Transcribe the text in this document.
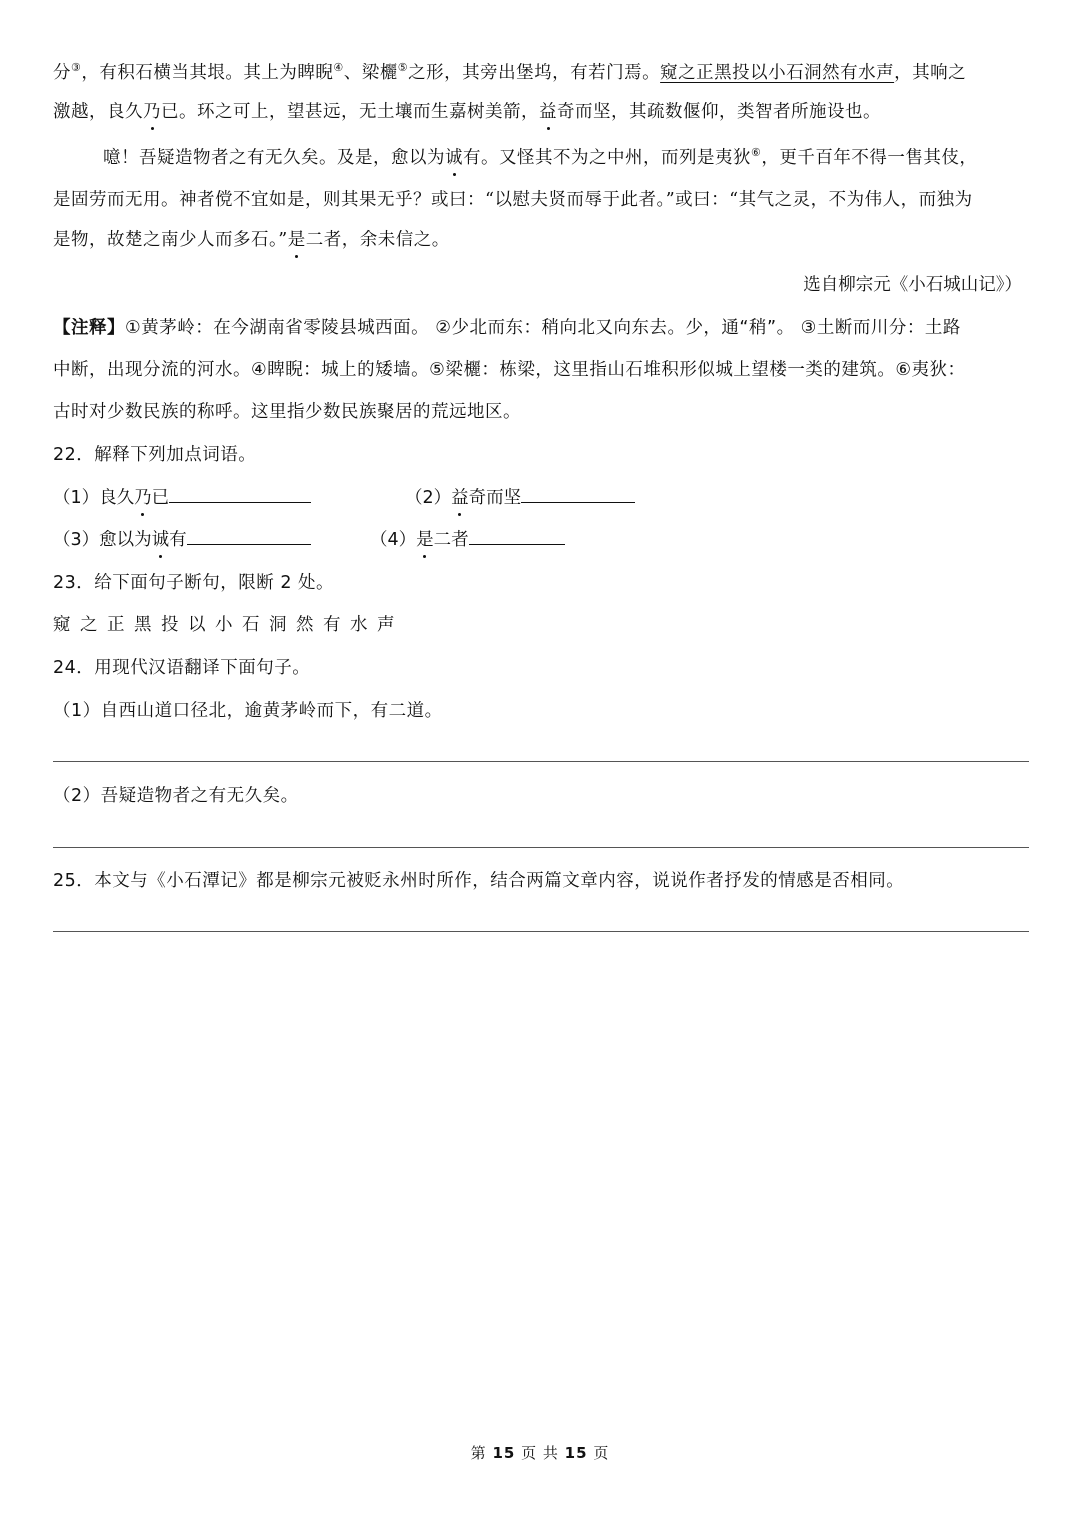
分③，有积石横当其垠。其上为睥睨④、梁欐⑤之形，其旁出堡坞，有若门焉。窥之正黑投以小石洞然有水声，其响之
激越，良久乃已。环之可上，望甚远，无土壤而生嘉树美箭，益奇而坚，其疏数偃仰，类智者所施设也。
噫！吾疑造物者之有无久矣。及是，愈以为诚有。又怪其不为之中州，而列是夷狄⑥，更千百年不得一售其伎，
是固劳而无用。神者傥不宜如是，则其果无乎？或曰：“以慰夫贤而辱于此者。”或曰：“其气之灵，不为伟人，而独为
是物，故楚之南少人而多石。”是二者，余未信之。
选自柳宗元《小石城山记》）
【注释】①黄茅岭：在今湖南省零陵县城西面。 ②少北而东：稍向北又向东去。少，通“稍”。 ③土断而川分：土路
中断，出现分流的河水。④睥睨：城上的矮墙。⑤梁欐：栋梁，这里指山石堆积形似城上望楼一类的建筑。⑥夷狄：
古时对少数民族的称呼。这里指少数民族聚居的荒远地区。
22．解释下列加点词语。
（1）良久乃已	（2）益奇而坚
（3）愈以为诚有	（4）是二者
23．给下面句子断句，限断 2 处。
窥 之 正 黑 投 以 小 石 洞 然 有 水 声
24．用现代汉语翻译下面句子。
（1）自西山道口径北，逾黄茅岭而下，有二道。
（2）吾疑造物者之有无久矣。
25．本文与《小石潭记》都是柳宗元被贬永州时所作，结合两篇文章内容，说说作者抒发的情感是否相同。
第 15 页 共 15 页
